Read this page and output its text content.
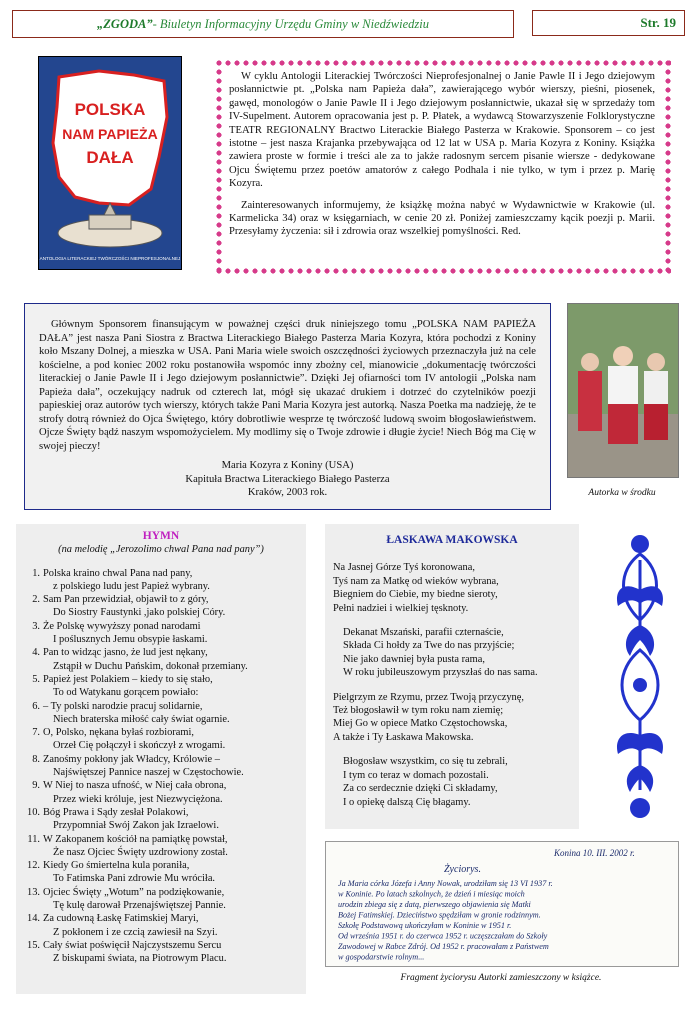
„ZGODA” - Biuletyn Informacyjny Urzędu Gminy w Niedźwiedziu	Str. 19
POLSKA
NAM PAPIEŻA
DAŁA
ANTOLOGIA LITERACKIEJ TWÓRCZOŚCI NIEPROFESJONALNEJ

W cyklu Antologii Literackiej Twórczości Nieprofesjonalnej o Janie Pawle II i Jego dziejowym posłannictwie pt. „Polska nam Papieża dała”, zawierającego wybór wierszy, pieśni, piosenek, gawęd, monologów o Janie Pawle II i Jego dziejowym posłannictwie, ukazał się w sprzedaży tom IV-Supelment. Autorem opracowania jest p. P. Płatek, a wydawcą Stowarzyszenie Folklorystyczne TEATR REGIONALNY Bractwo Literackie Białego Pasterza w Krakowie. Sponsorem – co jest istotne – jest nasza Krajanka przebywająca od 12 lat w USA p. Maria Kozyra z Koniny. Książka zawiera proste w formie i treści ale za to jakże radosnym sercem pisanie wiersze - dedykowane Ojcu Świętemu przez poetów amatorów z całego Podhala i nie tylko, w tym i przez p. Marię Kozyra.

Zainteresowanych informujemy, że książkę można nabyć w Wydawnictwie w Krakowie (ul. Karmelicka 34) oraz w księgarniach, w cenie 20 zł. Poniżej zamieszczamy kącik poezji p. Marii. Przesyłamy życzenia: sił i zdrowia oraz wszelkiej pomyślności. Red.

Głównym Sponsorem finansującym w poważnej części druk niniejszego tomu „POLSKA NAM PAPIEŻA DAŁA” jest nasza Pani Siostra z Bractwa Literackiego Białego Pasterza Maria Kozyra, która pochodzi z Koniny koło Mszany Dolnej, a mieszka w USA. Pani Maria wiele swoich oszczędności życiowych przeznaczyła już na cele kościelne, a pod koniec 2002 roku postanowiła wspomóc inny zbożny cel, mianowicie „dokumentację twórczości literackiej o Janie Pawle II i Jego dziejowym posłannictwie”. Dzięki Jej ofiarności tom IV antologii „Polska nam Papieża dała”, oczekujący nadruk od czterech lat, mógł się ukazać drukiem i dotrzeć do czytelników poezji papieskiej oraz autorów tych wierszy, których także Pani Maria Kozyra jest autorką. Nasza Poetka ma nadzieję, że te strofy dotrą również do Ojca Świętego, który dobrotliwie wesprze tę twórczość ludową swoim błogosławieństwem. Ojcze Święty bądź naszym wspomożycielem. My modlimy się o Twoje zdrowie i długie życie! Niech Bóg ma Cię w swojej pieczy!

Maria Kozyra z Koniny (USA)
Kapituła Bractwa Literackiego Białego Pasterza
Kraków, 2003 rok.	Autorka w środku
HYMN
(na melodię „Jerozolimo chwal Pana nad pany”)
1. Polska kraino chwal Pana nad pany,
z polskiego ludu jest Papież wybrany.
2. Sam Pan przewidział, objawił to z góry,
Do Siostry Faustynki ,jako polskiej Córy.
3. Że Polskę wywyższy ponad narodami
I poślusznych Jemu obsypie łaskami.
4. Pan to widząc jasno, że lud jest nękany,
Zstąpił w Duchu Pańskim, dokonał przemiany.
5. Papież jest Polakiem – kiedy to się stało,
To od Watykanu gorącem powiało:
6. – Ty polski narodzie pracuj solidarnie,
Niech braterska miłość cały świat ogarnie.
7. O, Polsko, nękana byłaś rozbiorami,
Orzeł Cię połączył i skończył z wrogami.
8. Zanośmy pokłony jak Władcy, Królowie –
Najświętszej Pannicе naszej w Częstochowie.
9. W Niej to nasza ufność, w Niej cała obrona,
Przez wieki króluje, jest Niezwyciężona.
10. Bóg Prawa i Sądy zesłał Polakowi,
Przypomniał Swój Zakon jak Izraelowi.
11. W Zakopanem kościół na pamiątkę powstał,
Że nasz Ojciec Święty uzdrowiony został.
12. Kiedy Go śmiertelna kula poraniła,
To Fatimska Pani zdrowie Mu wróciła.
13. Ojciec Święty „Wotum” na podziękowanie,
Tę kulę darował Przenajświętszej Pannie.
14. Za cudowną Łaskę Fatimskiej Maryi,
Z pokłonem i ze czcią zawiesił na Szyi.
15. Cały świat poświęcił Najczystszemu Sercu
Z biskupami świata, na Piotrowym Placu.
ŁASKAWA MAKOWSKA
Na Jasnej Górze Tyś koronowana,
Tyś nam za Matkę od wieków wybrana,
Biegniem do Ciebie, my biedne sieroty,
Pełni nadziei i wielkiej tęsknoty.
Dekanat Mszański, parafii czternaście,
Składa Ci hołdy za Twe do nas przyjście;
Nie jako dawniej była pusta rama,
W roku jubileuszowym przyszłaś do nas sama.
Pielgrzym ze Rzymu, przez Twoją przyczynę,
Też błogosławił w tym roku nam ziemię;
Miej Go w opiece Matko Częstochowska,
A także i Ty Łaskawa Makowska.
Błogosław wszystkim, co się tu zebrali,
I tym co teraz w domach pozostali.
Za co serdecznie dzięki Ci składamy,
I o opiekę dalszą Cię błagamy.
Konina 10. III. 2002 r.
Życiorys.
Ja Maria córka Józefa i Anny Nowak, urodziłam się 13 VI 1937 r.
w Koninie. Po latach szkolnych, że dzień i miesiąc moich
urodzin zbiega się z datą, pierwszego objawienia się Matki
Bożej Fatimskiej. Dzieciństwo spędziłam w gronie rodzinnym.
Szkołę Podstawową ukończyłam w Koninie w 1951 r.
Od września 1951 r. do czerwca 1952 r. uczęszczałam do Szkoły
Zawodowej w Rabce Zdrój. Od 1952 r. pracowałam z Państwem
w gospodarstwie rolnym...
Fragment życiorysu Autorki zamieszczony w książce.
